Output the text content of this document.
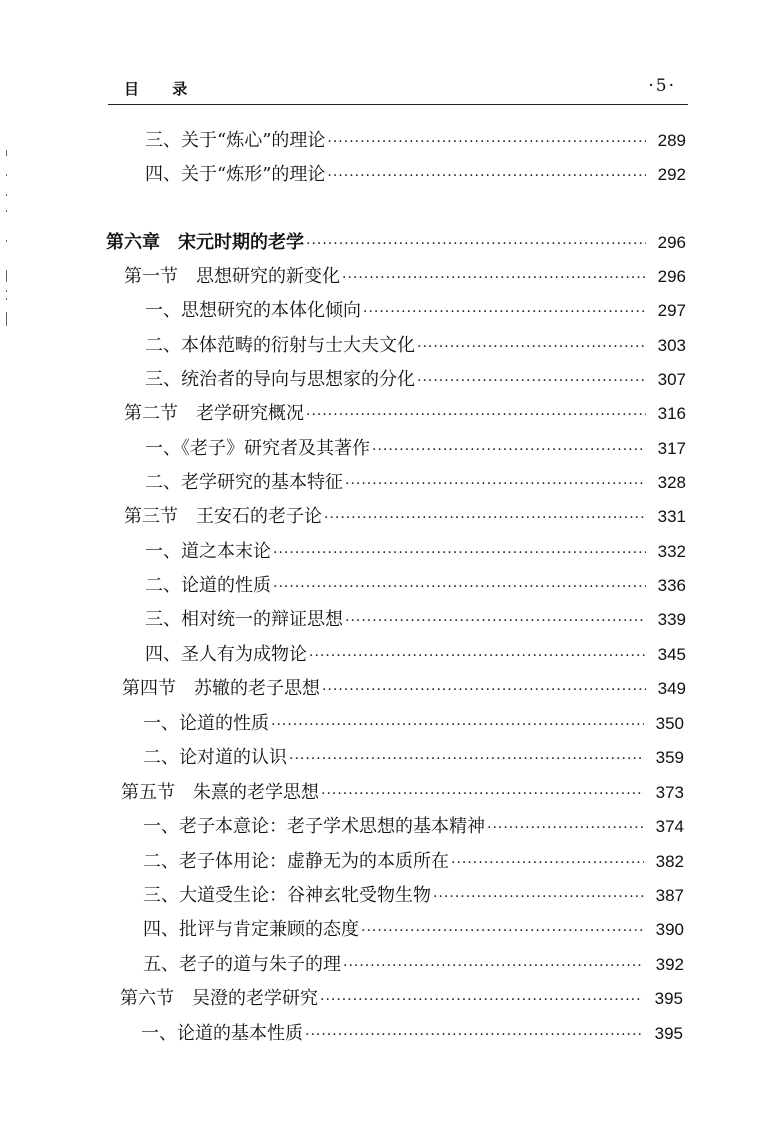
目 录	·5·
三、关于“炼心”的理论 ·····	289
四、关于“炼形”的理论 ·····	292
第六章　宋元时期的老学 ·····	296
第一节　思想研究的新变化 ·····	296
一、思想研究的本体化倾向 ·····	297
二、本体范畴的衍射与士大夫文化 ·····	303
三、统治者的导向与思想家的分化 ·····	307
第二节　老学研究概况 ·····	316
一、《老子》研究者及其著作 ·····	317
二、老学研究的基本特征 ·····	328
第三节　王安石的老子论 ·····	331
一、道之本末论 ·····	332
二、论道的性质 ·····	336
三、相对统一的辩证思想 ·····	339
四、圣人有为成物论 ·····	345
第四节　苏辙的老子思想 ·····	349
一、论道的性质 ·····	350
二、论对道的认识 ·····	359
第五节　朱熹的老学思想 ·····	373
一、老子本意论：老子学术思想的基本精神 ·····	374
二、老子体用论：虚静无为的本质所在 ·····	382
三、大道受生论：谷神玄牝受物生物 ·····	387
四、批评与肯定兼顾的态度 ·····	390
五、老子的道与朱子的理 ·····	392
第六节　吴澄的老学研究 ·····	395
一、论道的基本性质 ·····	395
